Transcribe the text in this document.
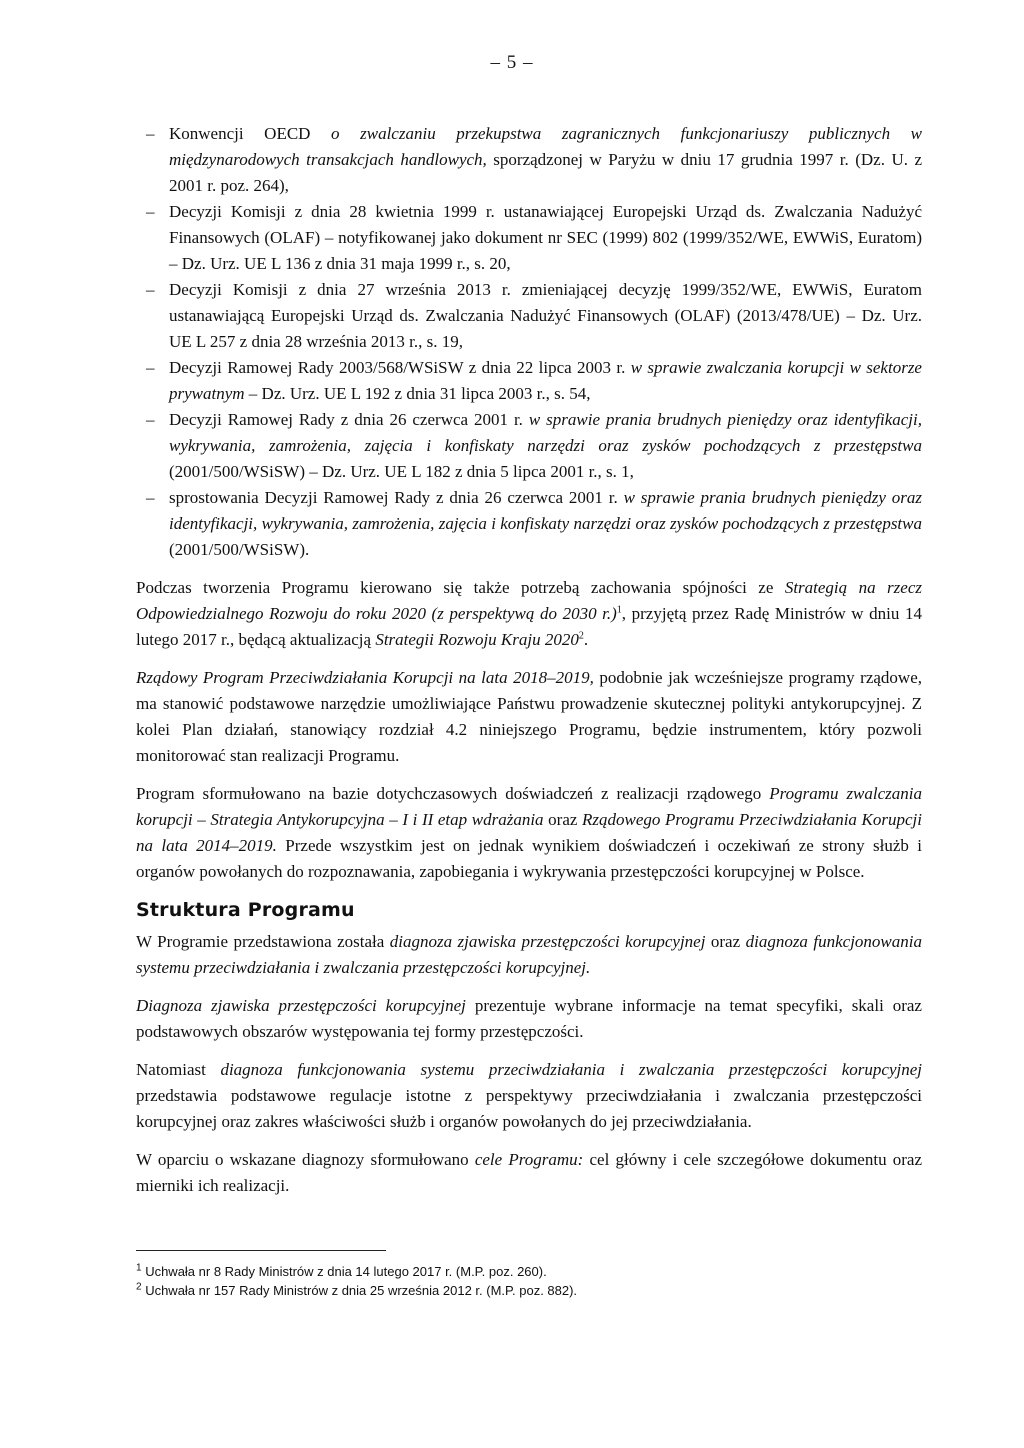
– 5 –
– Konwencji OECD o zwalczaniu przekupstwa zagranicznych funkcjonariuszy publicznych w międzynarodowych transakcjach handlowych, sporządzonej w Paryżu w dniu 17 grudnia 1997 r. (Dz. U. z 2001 r. poz. 264),
– Decyzji Komisji z dnia 28 kwietnia 1999 r. ustanawiającej Europejski Urząd ds. Zwalczania Nadużyć Finansowych (OLAF) – notyfikowanej jako dokument nr SEC (1999) 802 (1999/352/WE, EWWiS, Euratom) – Dz. Urz. UE L 136 z dnia 31 maja 1999 r., s. 20,
– Decyzji Komisji z dnia 27 września 2013 r. zmieniającej decyzję 1999/352/WE, EWWiS, Euratom ustanawiającą Europejski Urząd ds. Zwalczania Nadużyć Finansowych (OLAF) (2013/478/UE) – Dz. Urz. UE L 257 z dnia 28 września 2013 r., s. 19,
– Decyzji Ramowej Rady 2003/568/WSiSW z dnia 22 lipca 2003 r. w sprawie zwalczania korupcji w sektorze prywatnym – Dz. Urz. UE L 192 z dnia 31 lipca 2003 r., s. 54,
– Decyzji Ramowej Rady z dnia 26 czerwca 2001 r. w sprawie prania brudnych pieniędzy oraz identyfikacji, wykrywania, zamrożenia, zajęcia i konfiskaty narzędzi oraz zysków pochodzących z przestępstwa (2001/500/WSiSW) – Dz. Urz. UE L 182 z dnia 5 lipca 2001 r., s. 1,
– sprostowania Decyzji Ramowej Rady z dnia 26 czerwca 2001 r. w sprawie prania brudnych pieniędzy oraz identyfikacji, wykrywania, zamrożenia, zajęcia i konfiskaty narzędzi oraz zysków pochodzących z przestępstwa (2001/500/WSiSW).

Podczas tworzenia Programu kierowano się także potrzebą zachowania spójności ze Strategią na rzecz Odpowiedzialnego Rozwoju do roku 2020 (z perspektywą do 2030 r.)$^1$, przyjętą przez Radę Ministrów w dniu 14 lutego 2017 r., będącą aktualizacją Strategii Rozwoju Kraju 2020$^2$.

Rządowy Program Przeciwdziałania Korupcji na lata 2018–2019, podobnie jak wcześniejsze programy rządowe, ma stanowić podstawowe narzędzie umożliwiające Państwu prowadzenie skutecznej polityki antykorupcyjnej. Z kolei Plan działań, stanowiący rozdział 4.2 niniejszego Programu, będzie instrumentem, który pozwoli monitorować stan realizacji Programu.

Program sformułowano na bazie dotychczasowych doświadczeń z realizacji rządowego Programu zwalczania korupcji – Strategia Antykorupcyjna – I i II etap wdrażania oraz Rządowego Programu Przeciwdziałania Korupcji na lata 2014–2019. Przede wszystkim jest on jednak wynikiem doświadczeń i oczekiwań ze strony służb i organów powołanych do rozpoznawania, zapobiegania i wykrywania przestępczości korupcyjnej w Polsce.

Struktura Programu

W Programie przedstawiona została diagnoza zjawiska przestępczości korupcyjnej oraz diagnoza funkcjonowania systemu przeciwdziałania i zwalczania przestępczości korupcyjnej.

Diagnoza zjawiska przestępczości korupcyjnej prezentuje wybrane informacje na temat specyfiki, skali oraz podstawowych obszarów występowania tej formy przestępczości.

Natomiast diagnoza funkcjonowania systemu przeciwdziałania i zwalczania przestępczości korupcyjnej przedstawia podstawowe regulacje istotne z perspektywy przeciwdziałania i zwalczania przestępczości korupcyjnej oraz zakres właściwości służb i organów powołanych do jej przeciwdziałania.

W oparciu o wskazane diagnozy sformułowano cele Programu: cel główny i cele szczegółowe dokumentu oraz mierniki ich realizacji.

$^1$ Uchwała nr 8 Rady Ministrów z dnia 14 lutego 2017 r. (M.P. poz. 260).
$^2$ Uchwała nr 157 Rady Ministrów z dnia 25 września 2012 r. (M.P. poz. 882).
